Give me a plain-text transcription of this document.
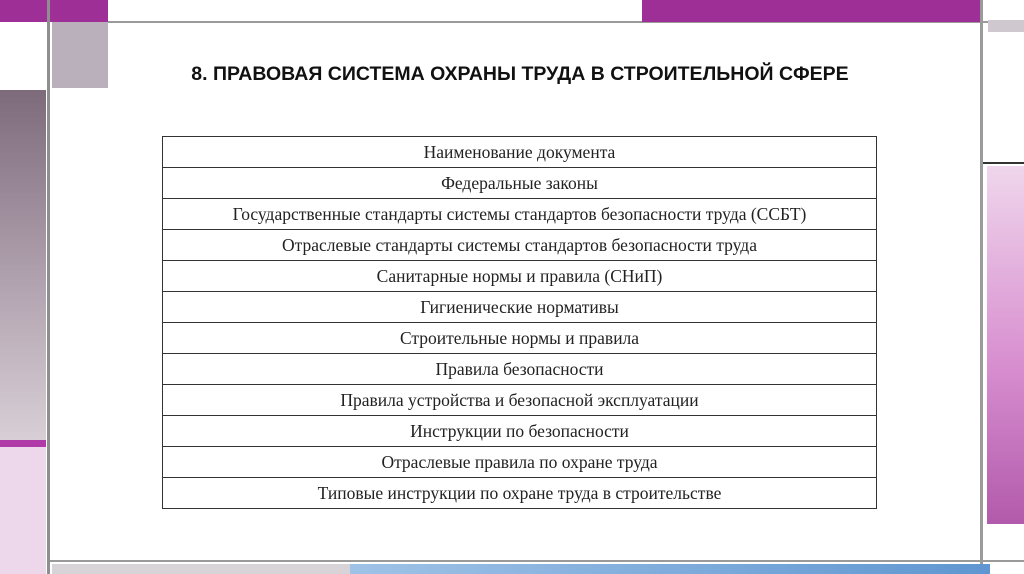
8. ПРАВОВАЯ СИСТЕМА ОХРАНЫ ТРУДА В СТРОИТЕЛЬНОЙ СФЕРЕ
Наименование документа
Федеральные законы
Государственные стандарты системы стандартов безопасности труда (ССБТ)
Отраслевые стандарты системы стандартов безопасности труда
Санитарные нормы и правила (СНиП)
Гигиенические нормативы
Строительные нормы и правила
Правила безопасности
Правила устройства и безопасной эксплуатации
Инструкции по безопасности
Отраслевые правила по охране труда
Типовые инструкции по охране труда в строительстве
